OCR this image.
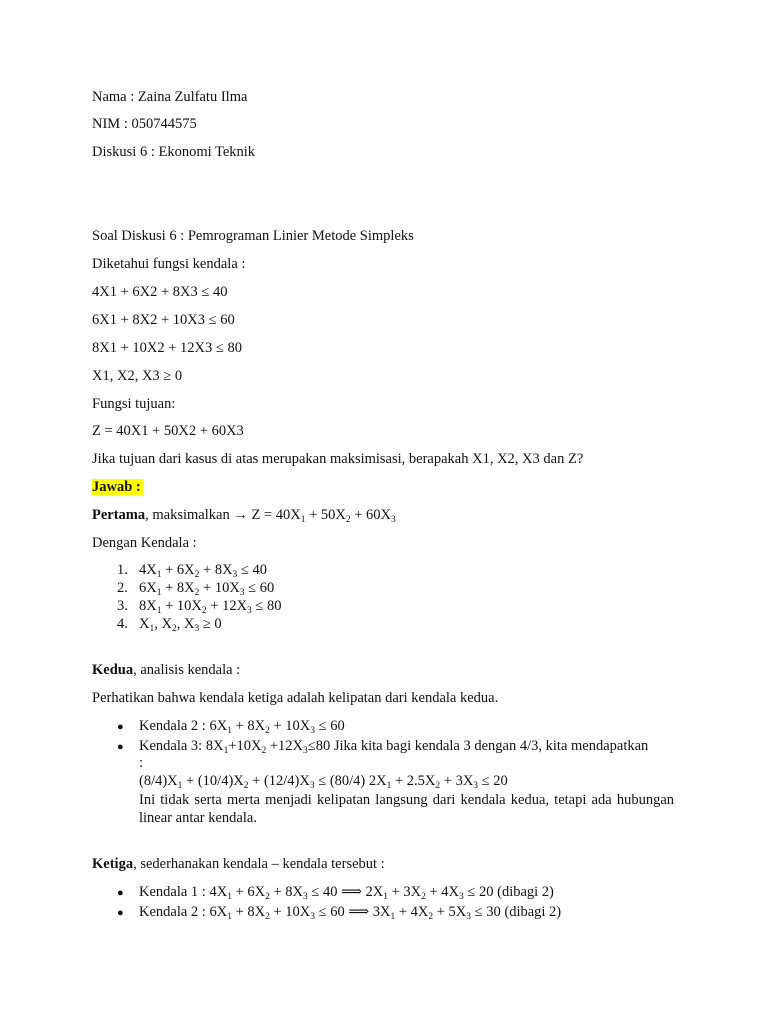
Nama : Zaina Zulfatu Ilma
NIM : 050744575
Diskusi 6 : Ekonomi Teknik
Soal Diskusi 6 : Pemrograman Linier Metode Simpleks
Diketahui fungsi kendala :
4X1 + 6X2 + 8X3 ≤ 40
6X1 + 8X2 + 10X3 ≤ 60
8X1 + 10X2 + 12X3 ≤ 80
X1, X2, X3 ≥ 0
Fungsi tujuan:
Z = 40X1 + 50X2 + 60X3
Jika tujuan dari kasus di atas merupakan maksimisasi, berapakah X1, X2, X3 dan Z?
Jawab :
Pertama, maksimalkan → $Z = 40X_1 + 50X_2 + 60X_3$
Dengan Kendala :
1. $4X_1 + 6X_2 + 8X_3 \le 40$
2. $6X_1 + 8X_2 + 10X_3 \le 60$
3. $8X_1 + 10X_2 + 12X_3 \le 80$
4. $X_1$, $X_2$, $X_3 \ge 0$
Kedua, analisis kendala :
Perhatikan bahwa kendala ketiga adalah kelipatan dari kendala kedua.
● Kendala 2 : $6X_1 + 8X_2 + 10X_3 \le 60$
● Kendala 3: $8X_1+10X_2 +12X_3\le 80$ Jika kita bagi kendala 3 dengan 4/3, kita mendapatkan
:
$(8/4)X_1 + (10/4)X_2 + (12/4)X_3 \le (80/4) 2X_1 + 2.5X_2 + 3X_3 \le 20$
Ini tidak serta merta menjadi kelipatan langsung dari kendala kedua, tetapi ada hubungan linear antar kendala.
Ketiga, sederhanakan kendala – kendala tersebut :
● Kendala 1 : $4X_1 + 6X_2 + 8X_3 \le 40$ ⟹ $2X_1 + 3X_2 + 4X_3 \le 20$ (dibagi 2)
● Kendala 2 : $6X_1 + 8X_2 + 10X_3 \le 60$ ⟹ $3X_1 + 4X_2 + 5X_3 \le 30$ (dibagi 2)
